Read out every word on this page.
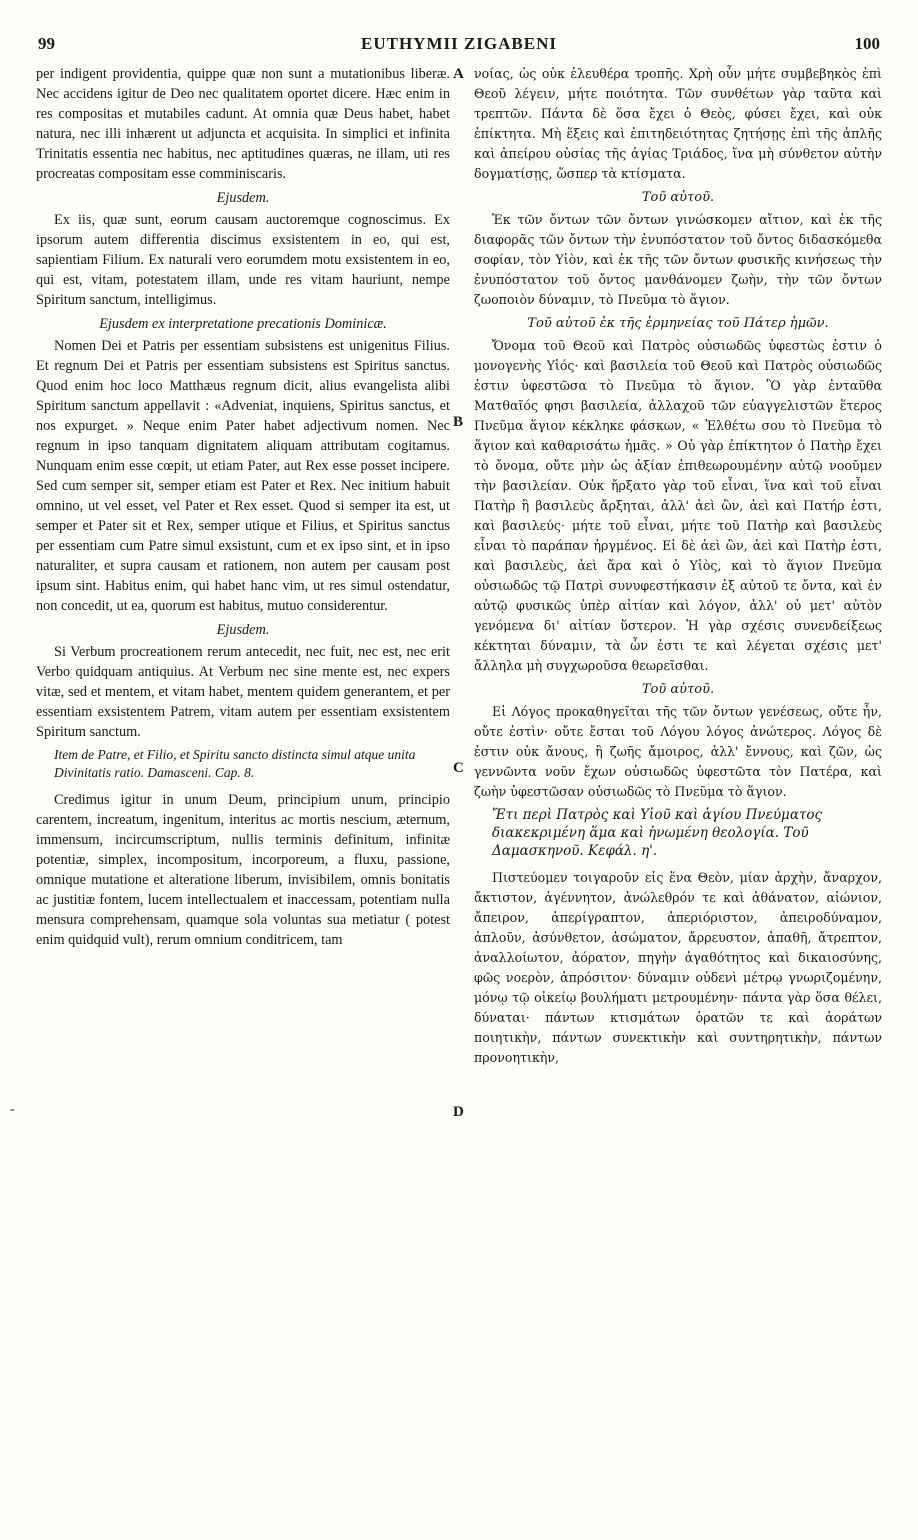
99	EUTHYMII ZIGABENI	100

per indigent providentia, quippe quæ non sunt a mutationibus liberæ. Nec accidens igitur de Deo nec qualitatem oportet dicere. Hæc enim in res compositas et mutabiles cadunt. At omnia quæ Deus habet, habet natura, nec illi inhærent ut adjuncta et acquisita. In simplici et infinita Trinitatis essentia nec habitus, nec aptitudines quæras, ne illam, uti res procreatas compositam esse comminiscaris.

Ejusdem.

Ex iis, quæ sunt, eorum causam auctoremque cognoscimus. Ex ipsorum autem differentia discimus exsistentem in eo, qui est, sapientiam Filium. Ex naturali vero eorumdem motu exsistentem in eo, qui est, vitam, potestatem illam, unde res vitam hauriunt, nempe Spiritum sanctum, intelligimus.

Ejusdem ex interpretatione precationis Dominicæ.

Nomen Dei et Patris per essentiam subsistens est unigenitus Filius. Et regnum Dei et Patris per essentiam subsistens est Spiritus sanctus. Quod enim hoc loco Matthæus regnum dicit, alius evangelista alibi Spiritum sanctum appellavit : «Adveniat, inquiens, Spiritus sanctus, et nos expurget. » Neque enim Pater habet adjectivum nomen. Nec regnum in ipso tanquam dignitatem aliquam attributam cogitamus. Nunquam enim esse cœpit, ut etiam Pater, aut Rex esse posset incipere. Sed cum semper sit, semper etiam est Pater et Rex. Nec initium habuit omnino, ut vel esset, vel Pater et Rex esset. Quod si semper ita est, ut semper et Pater sit et Rex, semper utique et Filius, et Spiritus sanctus per essentiam cum Patre simul exsistunt, cum et ex ipso sint, et in ipso naturaliter, et supra causam et rationem, non autem per causam post ipsum sint. Habitus enim, qui habet hanc vim, ut res simul ostendatur, non concedit, ut ea, quorum est habitus, mutuo considerentur.

Ejusdem.

Si Verbum procreationem rerum antecedit, nec fuit, nec est, nec erit Verbo quidquam antiquius. At Verbum nec sine mente est, nec expers vitæ, sed et mentem, et vitam habet, mentem quidem generantem, et per essentiam exsistentem Patrem, vitam autem per essentiam exsistentem Spiritum sanctum.

Item de Patre, et Filio, et Spiritu sancto distincta simul atque unita Divinitatis ratio. Damasceni. Cap. 8.

Credimus igitur in unum Deum, principium unum, principio carentem, increatum, ingenitum, interitus ac mortis nescium, æternum, immensum, incircumscriptum, nullis terminis definitum, infinitæ potentiæ, simplex, incompositum, incorporeum, a fluxu, passione, omnique mutatione et alteratione liberum, invisibilem, omnis bonitatis ac justitiæ fontem, lucem intellectualem et inaccessam, potentiam nulla mensura comprehensam, quamque sola voluntas sua metiatur ( potest enim quidquid vult), rerum omnium conditricem, tam

νοίας, ὡς οὐκ ἐλευθέρα τροπῆς. Χρὴ οὖν μήτε συμβεβηκὸς ἐπὶ Θεοῦ λέγειν, μήτε ποιότητα. Τῶν συνθέτων γὰρ ταῦτα καὶ τρεπτῶν. Πάντα δὲ ὅσα ἔχει ὁ Θεὸς, φύσει ἔχει, καὶ οὐκ ἐπίκτητα. Μὴ ἕξεις καὶ ἐπιτηδειότητας ζητήσῃς ἐπὶ τῆς ἁπλῆς καὶ ἀπείρου οὐσίας τῆς ἁγίας Τριάδος, ἵνα μὴ σύνθετον αὐτὴν δογματίσῃς, ὥσπερ τὰ κτίσματα.

Τοῦ αὐτοῦ.

Ἐκ τῶν ὄντων τῶν ὄντων γινώσκομεν αἴτιον, καὶ ἐκ τῆς διαφορᾶς τῶν ὄντων τὴν ἐνυπόστατον τοῦ ὄντος διδασκόμεθα σοφίαν, τὸν Υἱὸν, καὶ ἐκ τῆς τῶν ὄντων φυσικῆς κινήσεως τὴν ἐνυπόστατον τοῦ ὄντος μανθάνομεν ζωὴν, τὴν τῶν ὄντων ζωοποιὸν δύναμιν, τὸ Πνεῦμα τὸ ἅγιον.

Τοῦ αὐτοῦ ἐκ τῆς ἑρμηνείας τοῦ Πάτερ ἡμῶν.

Ὄνομα τοῦ Θεοῦ καὶ Πατρὸς οὐσιωδῶς ὑφεστὼς ἐστιν ὁ μονογενὴς Υἱός· καὶ βασιλεία τοῦ Θεοῦ καὶ Πατρὸς οὐσιωδῶς ἐστιν ὑφεστῶσα τὸ Πνεῦμα τὸ ἅγιον. Ὃ γὰρ ἐνταῦθα Ματθαῖός φησι βασιλεία, ἀλλαχοῦ τῶν εὐαγγελιστῶν ἕτερος Πνεῦμα ἅγιον κέκληκε φάσκων, « Ἐλθέτω σου τὸ Πνεῦμα τὸ ἅγιον καὶ καθαρισάτω ἡμᾶς. » Οὐ γὰρ ἐπίκτητον ὁ Πατὴρ ἔχει τὸ ὄνομα, οὔτε μὴν ὡς ἀξίαν ἐπιθεωρουμένην αὐτῷ νοοῦμεν τὴν βασιλείαν. Οὐκ ἤρξατο γὰρ τοῦ εἶναι, ἵνα καὶ τοῦ εἶναι Πατὴρ ἢ βασιλεὺς ἄρξηται, ἀλλ' ἀεὶ ὢν, ἀεὶ καὶ Πατήρ ἐστι, καὶ βασιλεύς· μήτε τοῦ εἶναι, μήτε τοῦ Πατὴρ καὶ βασιλεὺς εἶναι τὸ παράπαν ἠργμένος. Εἰ δὲ ἀεὶ ὢν, ἀεὶ καὶ Πατὴρ ἐστι, καὶ βασιλεὺς, ἀεὶ ἄρα καὶ ὁ Υἱὸς, καὶ τὸ ἅγιον Πνεῦμα οὐσιωδῶς τῷ Πατρὶ συνυφεστήκασιν ἐξ αὐτοῦ τε ὄντα, καὶ ἐν αὐτῷ φυσικῶς ὑπὲρ αἰτίαν καὶ λόγον, ἀλλ' οὐ μετ' αὐτὸν γενόμενα δι' αἰτίαν ὕστερον. Ἡ γὰρ σχέσις συνενδείξεως κέκτηται δύναμιν, τὰ ὧν ἐστι τε καὶ λέγεται σχέσις μετ' ἄλληλα μὴ συγχωροῦσα θεωρεῖσθαι.

Τοῦ αὐτοῦ.

Εἰ Λόγος προκαθηγεῖται τῆς τῶν ὄντων γενέσεως, οὔτε ἦν, οὔτε ἐστὶν· οὔτε ἔσται τοῦ Λόγου λόγος ἀνώτερος. Λόγος δὲ ἐστιν οὐκ ἄνους, ἢ ζωῆς ἄμοιρος, ἀλλ' ἔννους, καὶ ζῶν, ὡς γεννῶντα νοῦν ἔχων οὐσιωδῶς ὑφεστῶτα τὸν Πατέρα, καὶ ζωὴν ὑφεστῶσαν οὐσιωδῶς τὸ Πνεῦμα τὸ ἅγιον.

Ἔτι περὶ Πατρὸς καὶ Υἱοῦ καὶ ἁγίου Πνεύματος διακεκριμένη ἅμα καὶ ἡνωμένη θεολογία. Τοῦ Δαμασκηνοῦ. Κεφάλ. η'.

Πιστεύομεν τοιγαροῦν εἰς ἕνα Θεὸν, μίαν ἀρχὴν, ἄναρχον, ἄκτιστον, ἀγέννητον, ἀνώλεθρόν τε καὶ ἀθάνατον, αἰώνιον, ἄπειρον, ἀπερίγραπτον, ἀπεριόριστον, ἀπειροδύναμον, ἁπλοῦν, ἀσύνθετον, ἀσώματον, ἄρρευστον, ἀπαθῆ, ἄτρεπτον, ἀναλλοίωτον, ἀόρατον, πηγὴν ἀγαθότητος καὶ δικαιοσύνης, φῶς νοερὸν, ἀπρόσιτον· δύναμιν οὐδενὶ μέτρῳ γνωριζομένην, μόνῳ τῷ οἰκείῳ βουλήματι μετρουμένην· πάντα γὰρ ὅσα θέλει, δύναται· πάντων κτισμάτων ὁρατῶν τε καὶ ἀοράτων ποιητικὴν, πάντων συνεκτικὴν καὶ συντηρητικὴν, πάντων προνοητικὴν,

A
B
C
D
-
